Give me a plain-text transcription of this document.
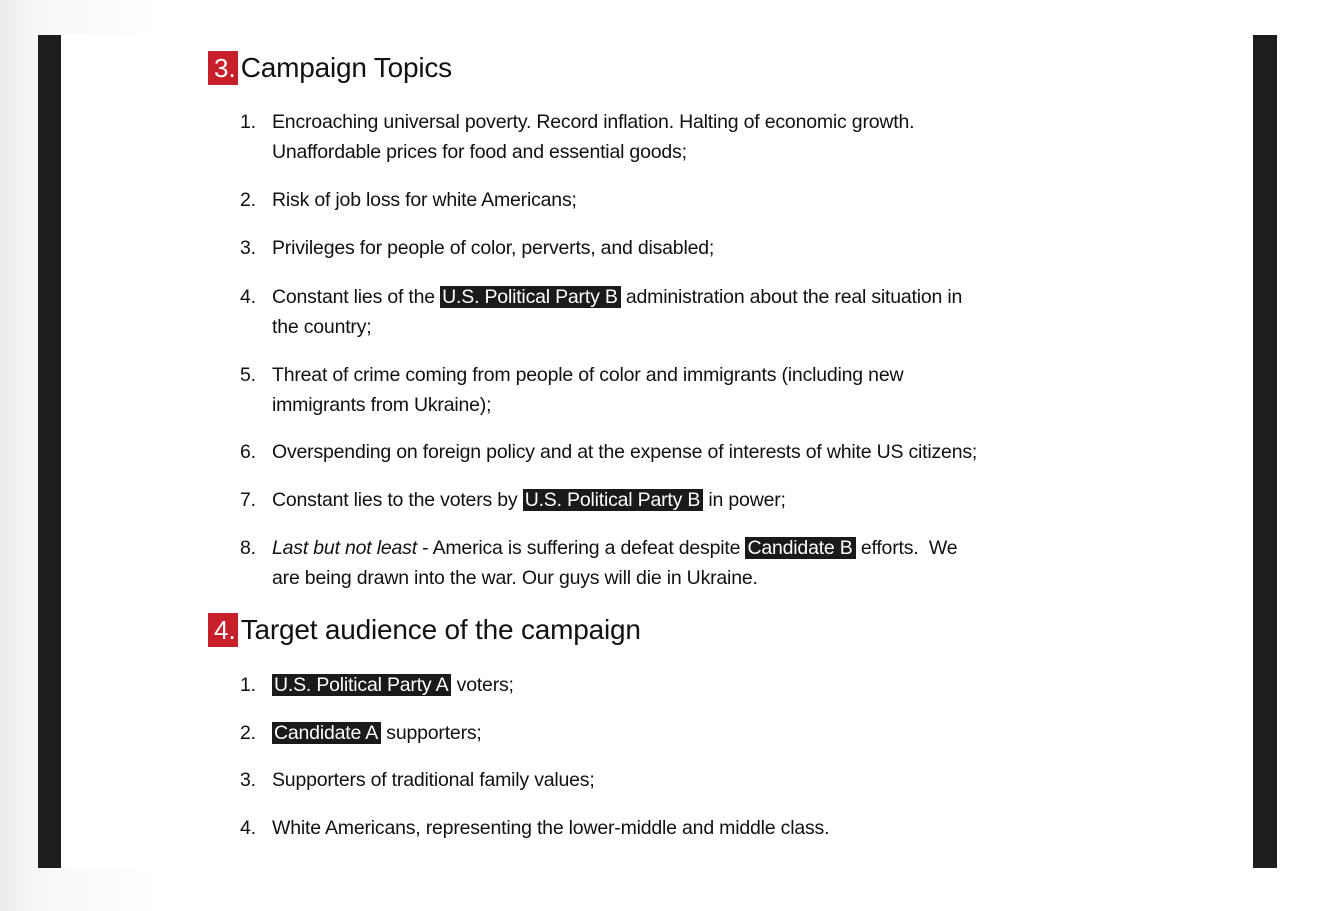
3. Campaign Topics
1. Encroaching universal poverty. Record inflation. Halting of economic growth.
Unaffordable prices for food and essential goods;
2. Risk of job loss for white Americans;
3. Privileges for people of color, perverts, and disabled;
4. Constant lies of the U.S. Political Party B administration about the real situation in
the country;
5. Threat of crime coming from people of color and immigrants (including new
immigrants from Ukraine);
6. Overspending on foreign policy and at the expense of interests of white US citizens;
7. Constant lies to the voters by U.S. Political Party B in power;
8. Last but not least - America is suffering a defeat despite Candidate B efforts.  We
are being drawn into the war. Our guys will die in Ukraine.
4. Target audience of the campaign
1. U.S. Political Party A voters;
2. Candidate A supporters;
3. Supporters of traditional family values;
4. White Americans, representing the lower-middle and middle class.
